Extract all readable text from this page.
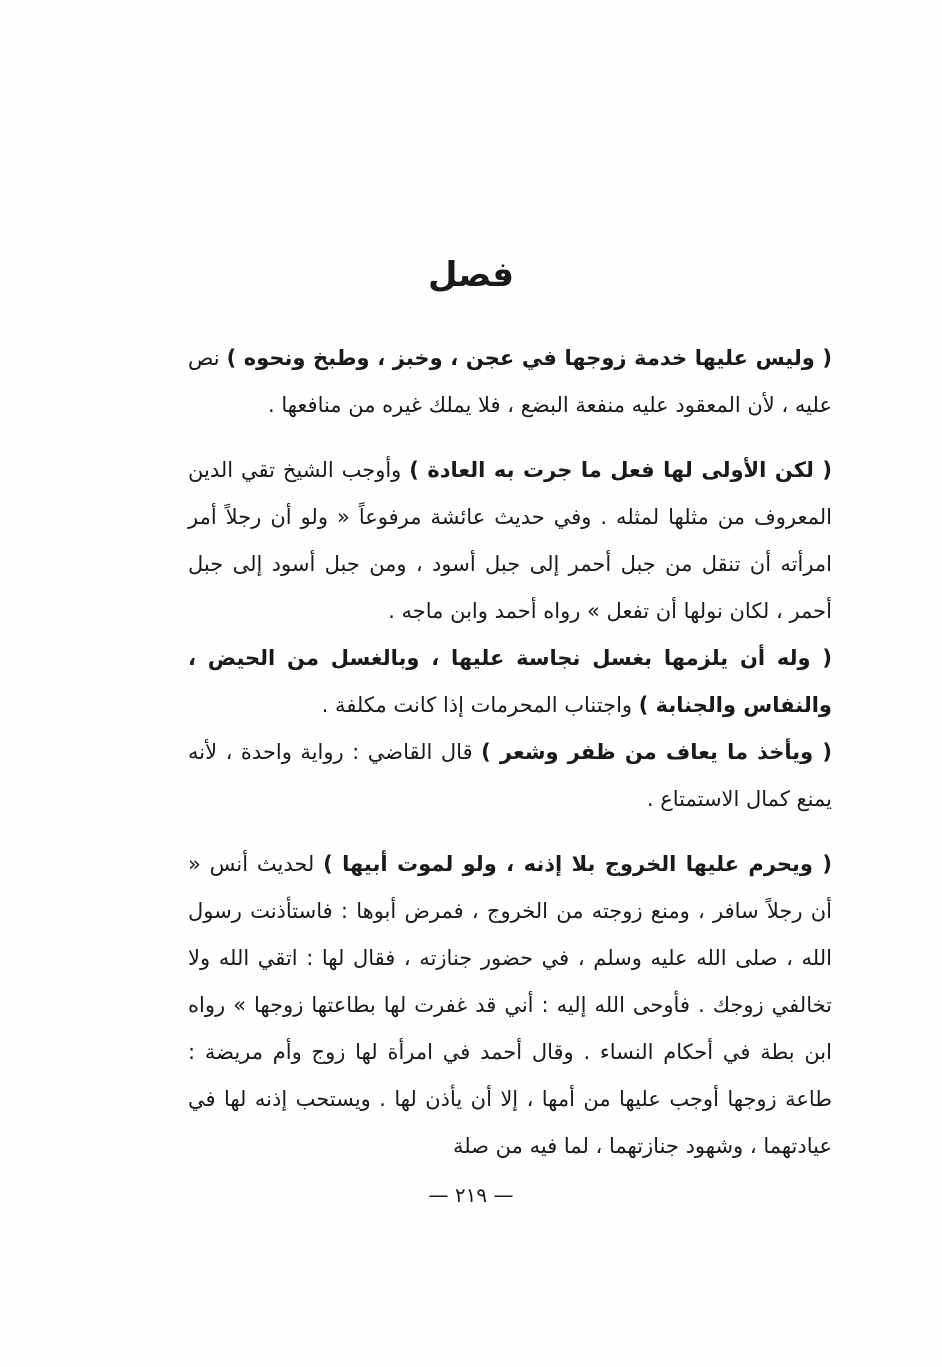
فصل

( وليس عليها خدمة زوجها في عجن ، وخبز ، وطبخ ونحوه ) نص عليه ، لأن المعقود عليه منفعة البضع ، فلا يملك غيره من منافعها .

( لكن الأولى لها فعل ما جرت به العادة ) وأوجب الشيخ تقي الدين المعروف من مثلها لمثله . وفي حديث عائشة مرفوعاً « ولو أن رجلاً أمر امرأته أن تنقل من جبل أحمر إلى جبل أسود ، ومن جبل أسود إلى جبل أحمر ، لكان نولها أن تفعل » رواه أحمد وابن ماجه .

( وله أن يلزمها بغسل نجاسة عليها ، وبالغسل من الحيض ، والنفاس والجنابة ) واجتناب المحرمات إذا كانت مكلفة .

( ويأخذ ما يعاف من ظفر وشعر ) قال القاضي : رواية واحدة ، لأنه يمنع كمال الاستمتاع .

( ويحرم عليها الخروج بلا إذنه ، ولو لموت أبيها ) لحديث أنس « أن رجلاً سافر ، ومنع زوجته من الخروج ، فمرض أبوها : فاستأذنت رسول الله ، صلى الله عليه وسلم ، في حضور جنازته ، فقال لها : اتقي الله ولا تخالفي زوجك . فأوحى الله إليه : أني قد غفرت لها بطاعتها زوجها » رواه ابن بطة في أحكام النساء . وقال أحمد في امرأة لها زوج وأم مريضة : طاعة زوجها أوجب عليها من أمها ، إلا أن يأذن لها . ويستحب إذنه لها في عيادتهما ، وشهود جنازتهما ، لما فيه من صلة

— ٢١٩ —
